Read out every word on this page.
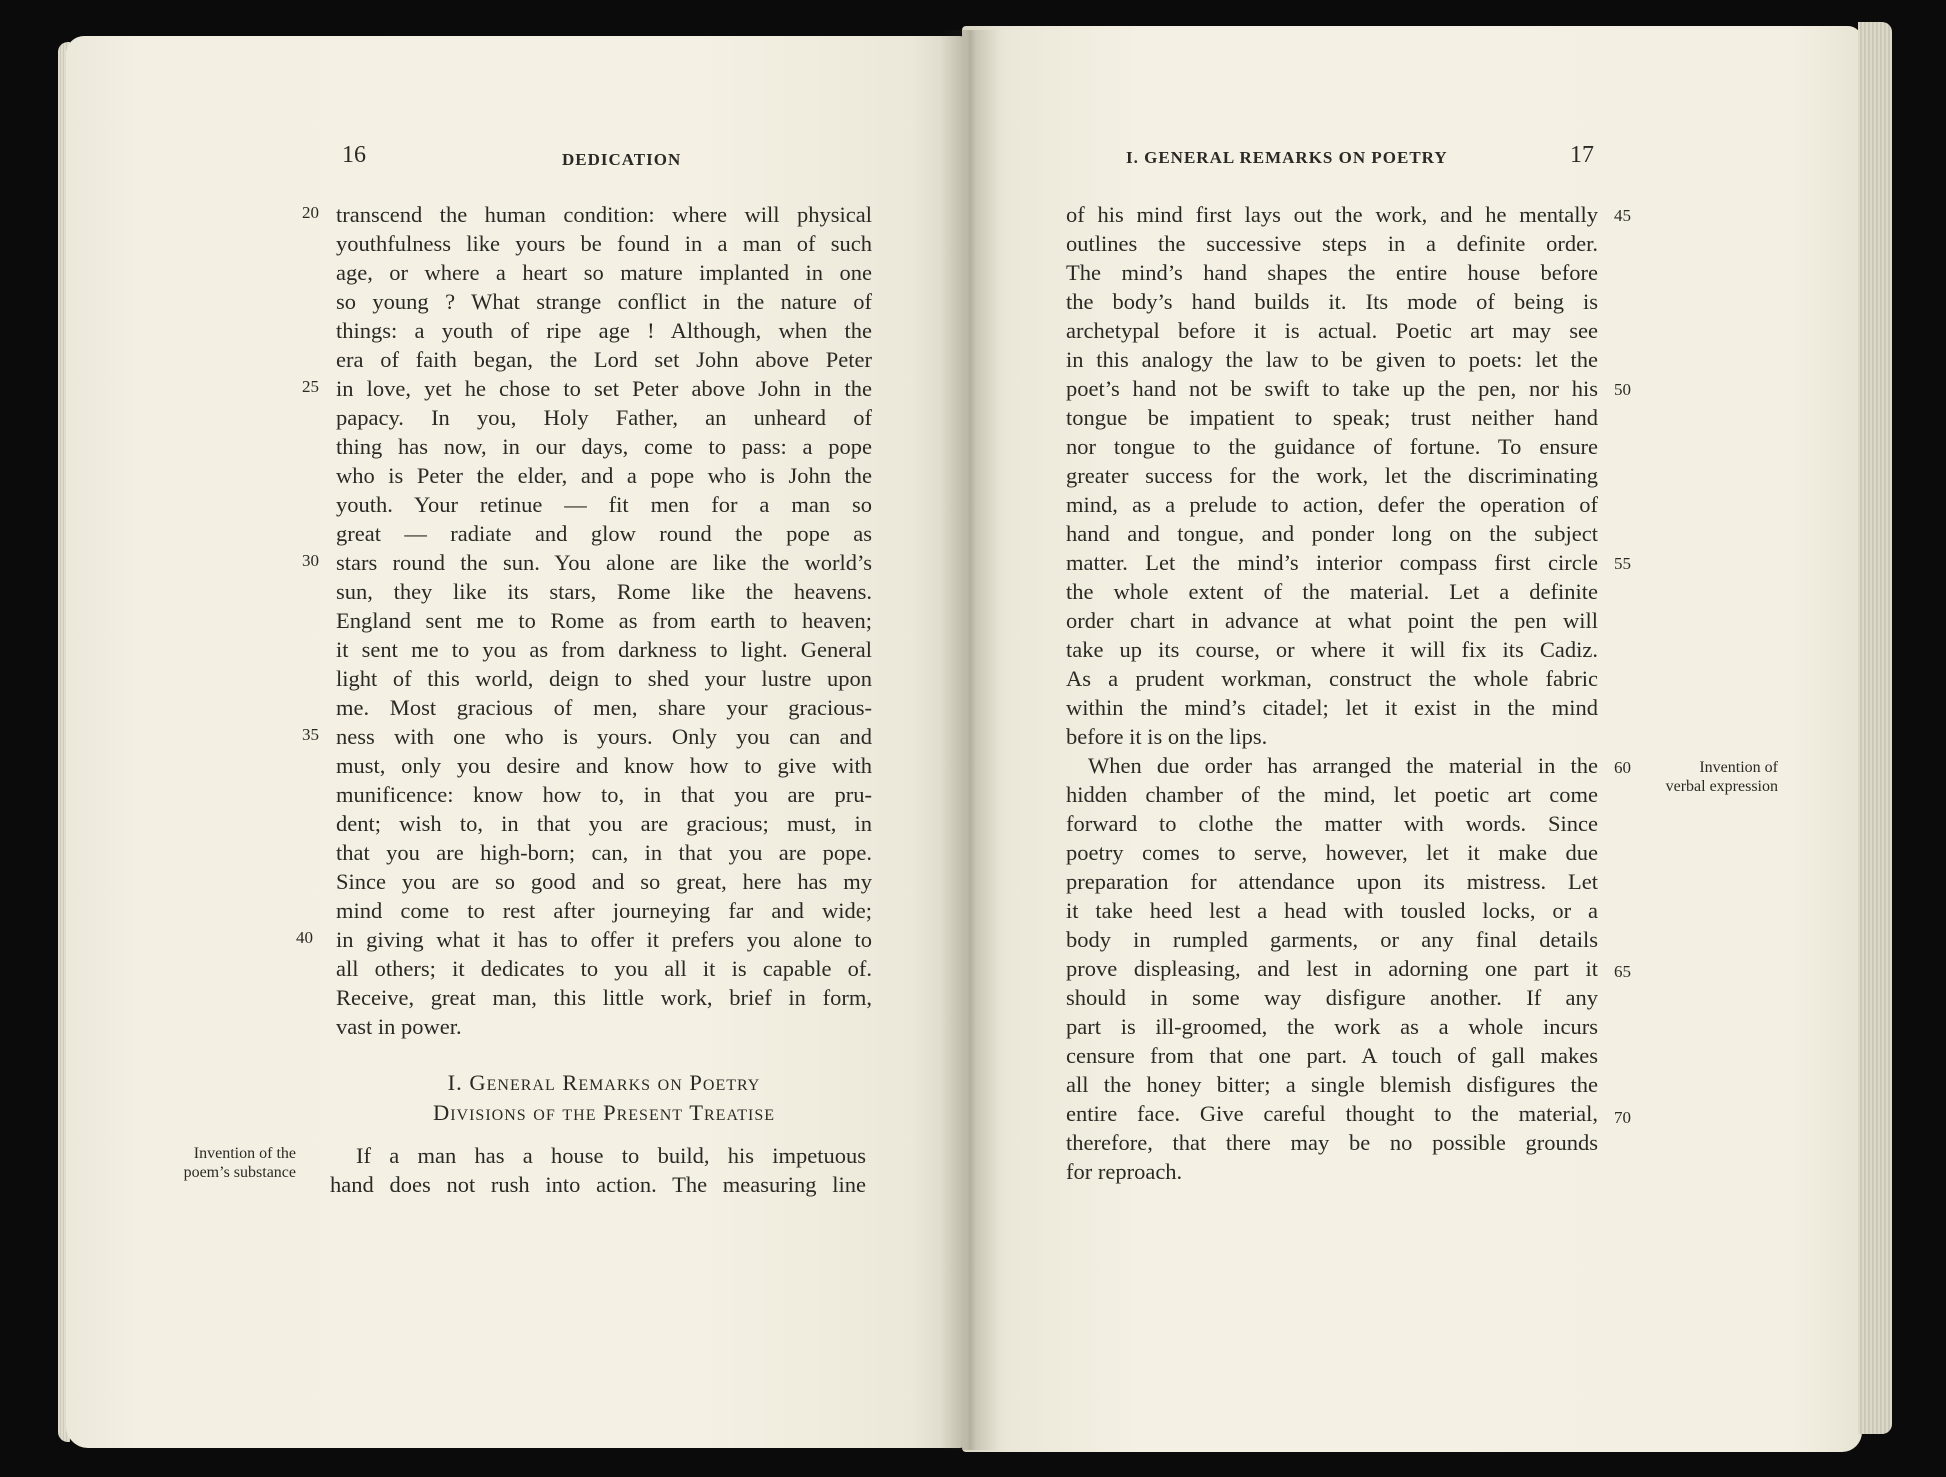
16	DEDICATION
20
25
30
35
40
transcend the human condition: where will physical
youthfulness like yours be found in a man of such
age, or where a heart so mature implanted in one
so young ? What strange conflict in the nature of
things: a youth of ripe age ! Although, when the
era of faith began, the Lord set John above Peter
in love, yet he chose to set Peter above John in the
papacy. In you, Holy Father, an unheard of
thing has now, in our days, come to pass: a pope
who is Peter the elder, and a pope who is John the
youth. Your retinue — fit men for a man so
great — radiate and glow round the pope as
stars round the sun. You alone are like the world’s
sun, they like its stars, Rome like the heavens.
England sent me to Rome as from earth to heaven;
it sent me to you as from darkness to light. General
light of this world, deign to shed your lustre upon
me. Most gracious of men, share your gracious-
ness with one who is yours. Only you can and
must, only you desire and know how to give with
munificence: know how to, in that you are pru-
dent; wish to, in that you are gracious; must, in
that you are high-born; can, in that you are pope.
Since you are so good and so great, here has my
mind come to rest after journeying far and wide;
in giving what it has to offer it prefers you alone to
all others; it dedicates to you all it is capable of.
Receive, great man, this little work, brief in form,
vast in power.
I. General Remarks on Poetry
Divisions of the Present Treatise
Invention of the
poem’s substance
If a man has a house to build, his impetuous
hand does not rush into action. The measuring line
I. GENERAL REMARKS ON POETRY	17
45
50
55
60
65
70
of his mind first lays out the work, and he mentally
outlines the successive steps in a definite order.
The mind’s hand shapes the entire house before
the body’s hand builds it. Its mode of being is
archetypal before it is actual. Poetic art may see
in this analogy the law to be given to poets: let the
poet’s hand not be swift to take up the pen, nor his
tongue be impatient to speak; trust neither hand
nor tongue to the guidance of fortune. To ensure
greater success for the work, let the discriminating
mind, as a prelude to action, defer the operation of
hand and tongue, and ponder long on the subject
matter. Let the mind’s interior compass first circle
the whole extent of the material. Let a definite
order chart in advance at what point the pen will
take up its course, or where it will fix its Cadiz.
As a prudent workman, construct the whole fabric
within the mind’s citadel; let it exist in the mind
before it is on the lips.
When due order has arranged the material in the
hidden chamber of the mind, let poetic art come
forward to clothe the matter with words. Since
poetry comes to serve, however, let it make due
preparation for attendance upon its mistress. Let
it take heed lest a head with tousled locks, or a
body in rumpled garments, or any final details
prove displeasing, and lest in adorning one part it
should in some way disfigure another. If any
part is ill-groomed, the work as a whole incurs
censure from that one part. A touch of gall makes
all the honey bitter; a single blemish disfigures the
entire face. Give careful thought to the material,
therefore, that there may be no possible grounds
for reproach.
Invention of
verbal expression
